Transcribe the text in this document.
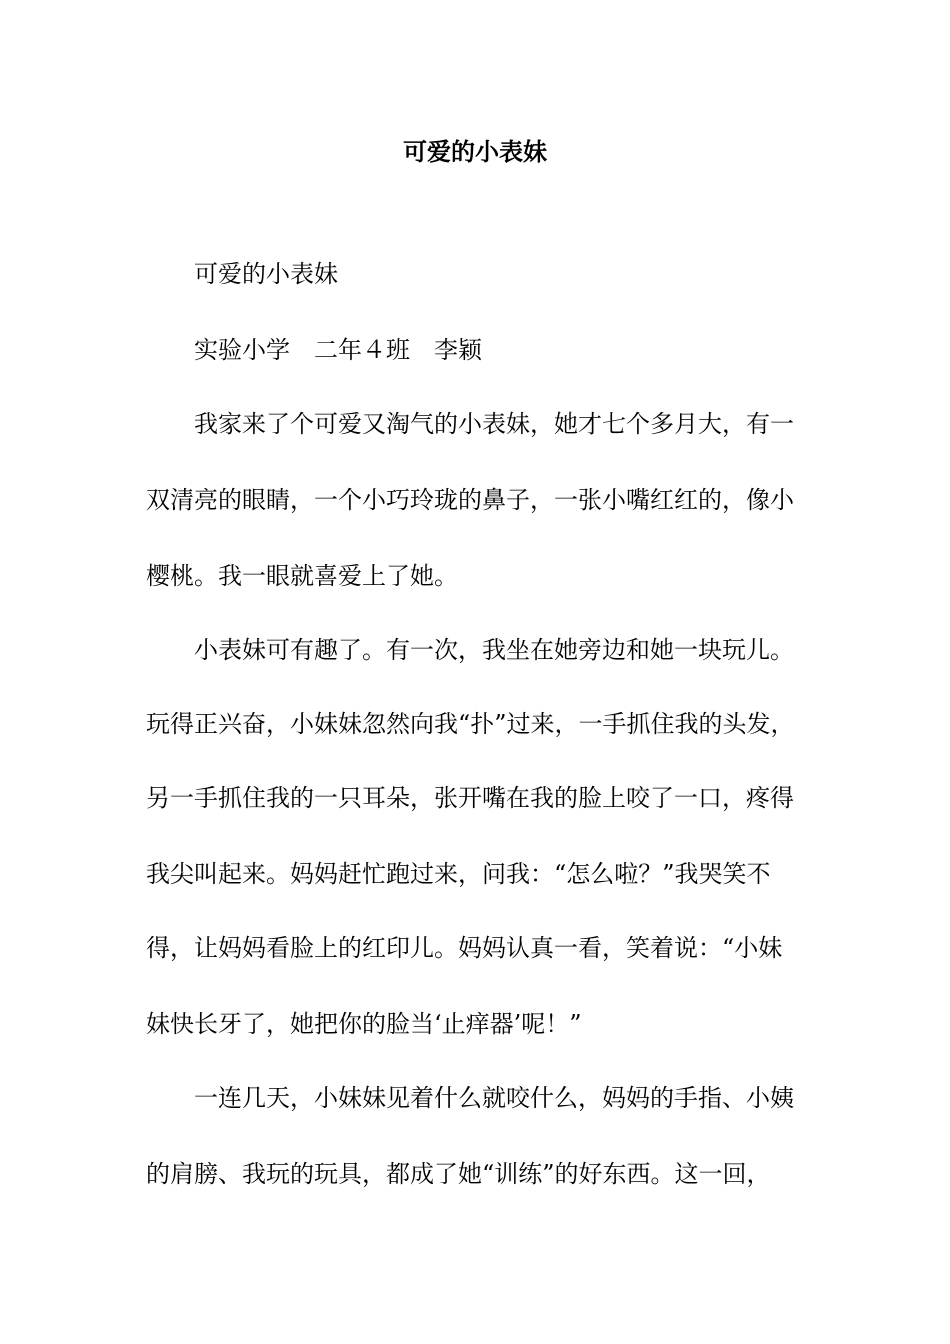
可爱的小表妹

可爱的小表妹

实验小学　二年４班　李颖

我家来了个可爱又淘气的小表妹，她才七个多月大，有一

双清亮的眼睛，一个小巧玲珑的鼻子，一张小嘴红红的，像小

樱桃。我一眼就喜爱上了她。

小表妹可有趣了。有一次，我坐在她旁边和她一块玩儿。

玩得正兴奋，小妹妹忽然向我“扑”过来，一手抓住我的头发，

另一手抓住我的一只耳朵，张开嘴在我的脸上咬了一口，疼得

我尖叫起来。妈妈赶忙跑过来，问我：“怎么啦？”我哭笑不

得，让妈妈看脸上的红印儿。妈妈认真一看，笑着说：“小妹

妹快长牙了，她把你的脸当‘止痒器’呢！”

一连几天，小妹妹见着什么就咬什么，妈妈的手指、小姨

的肩膀、我玩的玩具，都成了她“训练”的好东西。这一回，
